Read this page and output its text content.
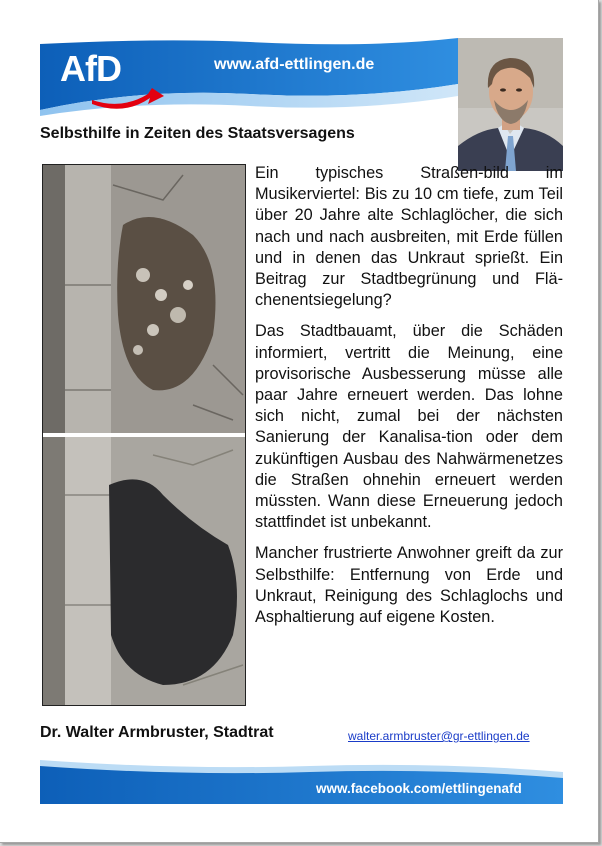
AfD	www.afd-ettlingen.de
Selbsthilfe in Zeiten des Staatsversagens

Ein typisches Straßen-bild im Musikerviertel: Bis zu 10 cm tiefe, zum Teil über 20 Jahre alte Schlaglöcher, die sich nach und nach ausbreiten, mit Erde füllen und in denen das Unkraut sprießt. Ein Beitrag zur Stadtbegrünung und Flä-chenentsiegelung?

Das Stadtbauamt, über die Schäden informiert, vertritt die Meinung, eine provisorische Ausbesserung müsse alle paar Jahre erneuert werden. Das lohne sich nicht, zumal bei der nächsten Sanierung der Kanalisa-tion oder dem zukünftigen Ausbau des Nahwärmenetzes die Straßen ohnehin erneuert werden müssten. Wann diese Erneuerung jedoch stattfindet ist unbekannt.

Mancher frustrierte Anwohner greift da zur Selbsthilfe: Entfernung von Erde und Unkraut, Reinigung des Schlaglochs und Asphaltierung auf eigene Kosten.

Dr. Walter Armbruster, Stadtrat	walter.armbruster@gr-ettlingen.de
www.facebook.com/ettlingenafd
